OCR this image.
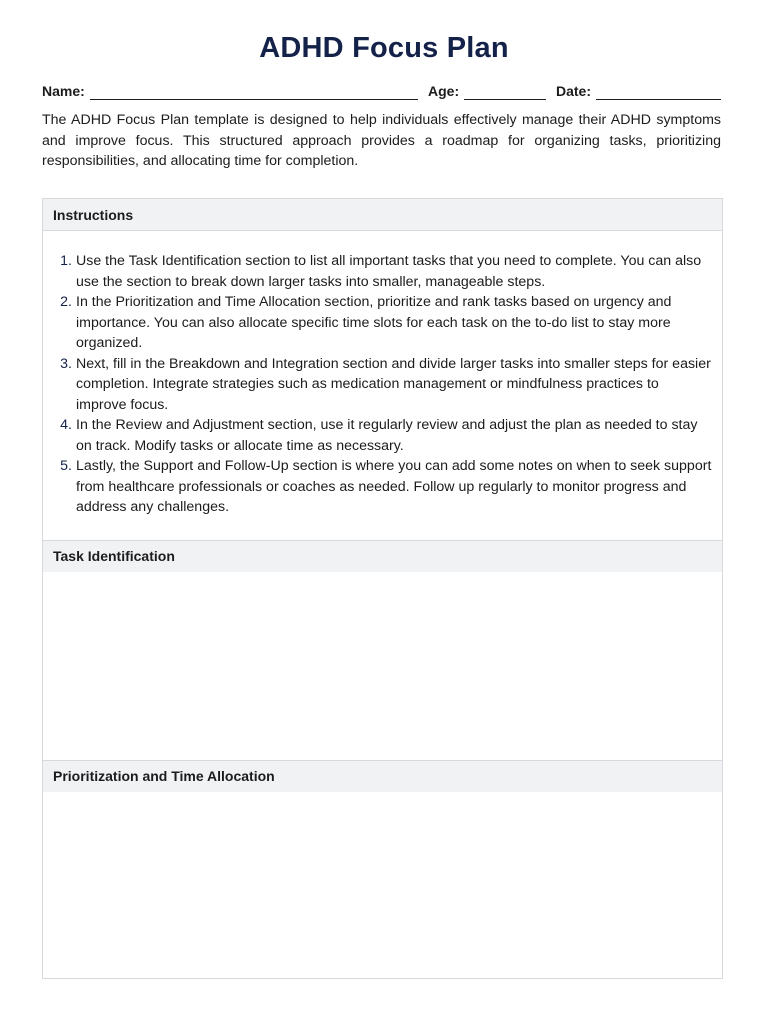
ADHD Focus Plan
Name:	Age:	Date:

The ADHD Focus Plan template is designed to help individuals effectively manage their ADHD symptoms and improve focus. This structured approach provides a roadmap for organizing tasks, prioritizing responsibilities, and allocating time for completion.

Instructions
1. Use the Task Identification section to list all important tasks that you need to complete. You can also use the section to break down larger tasks into smaller, manageable steps.
2. In the Prioritization and Time Allocation section, prioritize and rank tasks based on urgency and importance. You can also allocate specific time slots for each task on the to-do list to stay more organized.
3. Next, fill in the Breakdown and Integration section and divide larger tasks into smaller steps for easier completion. Integrate strategies such as medication management or mindfulness practices to improve focus.
4. In the Review and Adjustment section, use it regularly review and adjust the plan as needed to stay on track. Modify tasks or allocate time as necessary.
5. Lastly, the Support and Follow-Up section is where you can add some notes on when to seek support from healthcare professionals or coaches as needed. Follow up regularly to monitor progress and address any challenges.
Task Identification
Prioritization and Time Allocation
